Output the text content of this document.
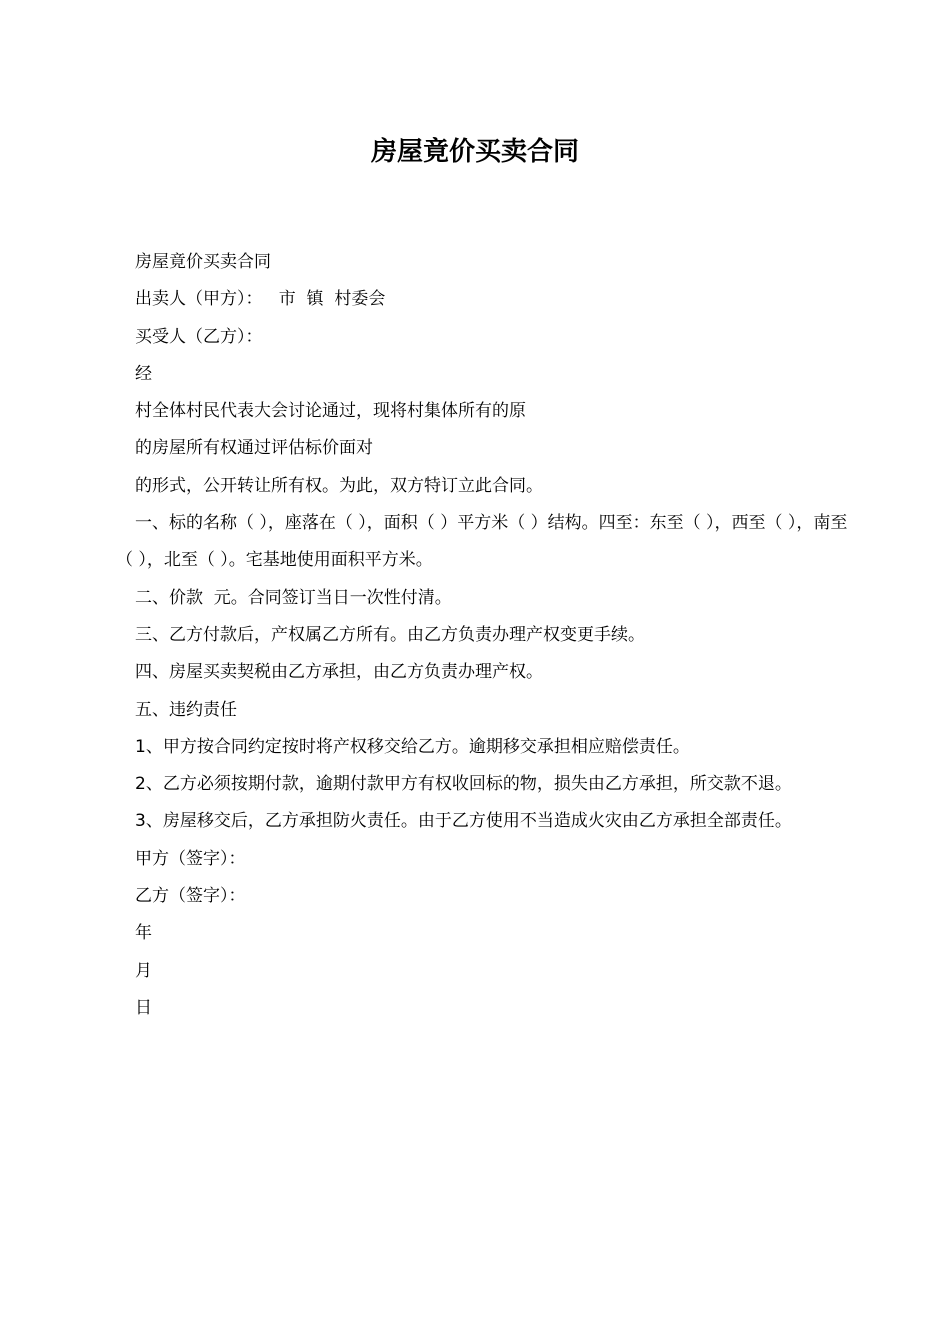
房屋竟价买卖合同

房屋竟价买卖合同

出卖人（甲方）：   市  镇  村委会

买受人（乙方）：

经

村全体村民代表大会讨论通过，现将村集体所有的原

的房屋所有权通过评估标价面对

的形式，公开转让所有权。为此，双方特订立此合同。

一、标的名称（ ），座落在（ ），面积（ ）平方米（ ）结构。四至：东至（ ），西至（ ），南至（ ），北至（ ）。宅基地使用面积平方米。

二、价款  元。合同签订当日一次性付清。

三、乙方付款后，产权属乙方所有。由乙方负责办理产权变更手续。

四、房屋买卖契税由乙方承担，由乙方负责办理产权。

五、违约责任

1、甲方按合同约定按时将产权移交给乙方。逾期移交承担相应赔偿责任。

2、乙方必须按期付款，逾期付款甲方有权收回标的物，损失由乙方承担，所交款不退。

3、房屋移交后，乙方承担防火责任。由于乙方使用不当造成火灾由乙方承担全部责任。

甲方（签字）：

乙方（签字）：

年

月

日
